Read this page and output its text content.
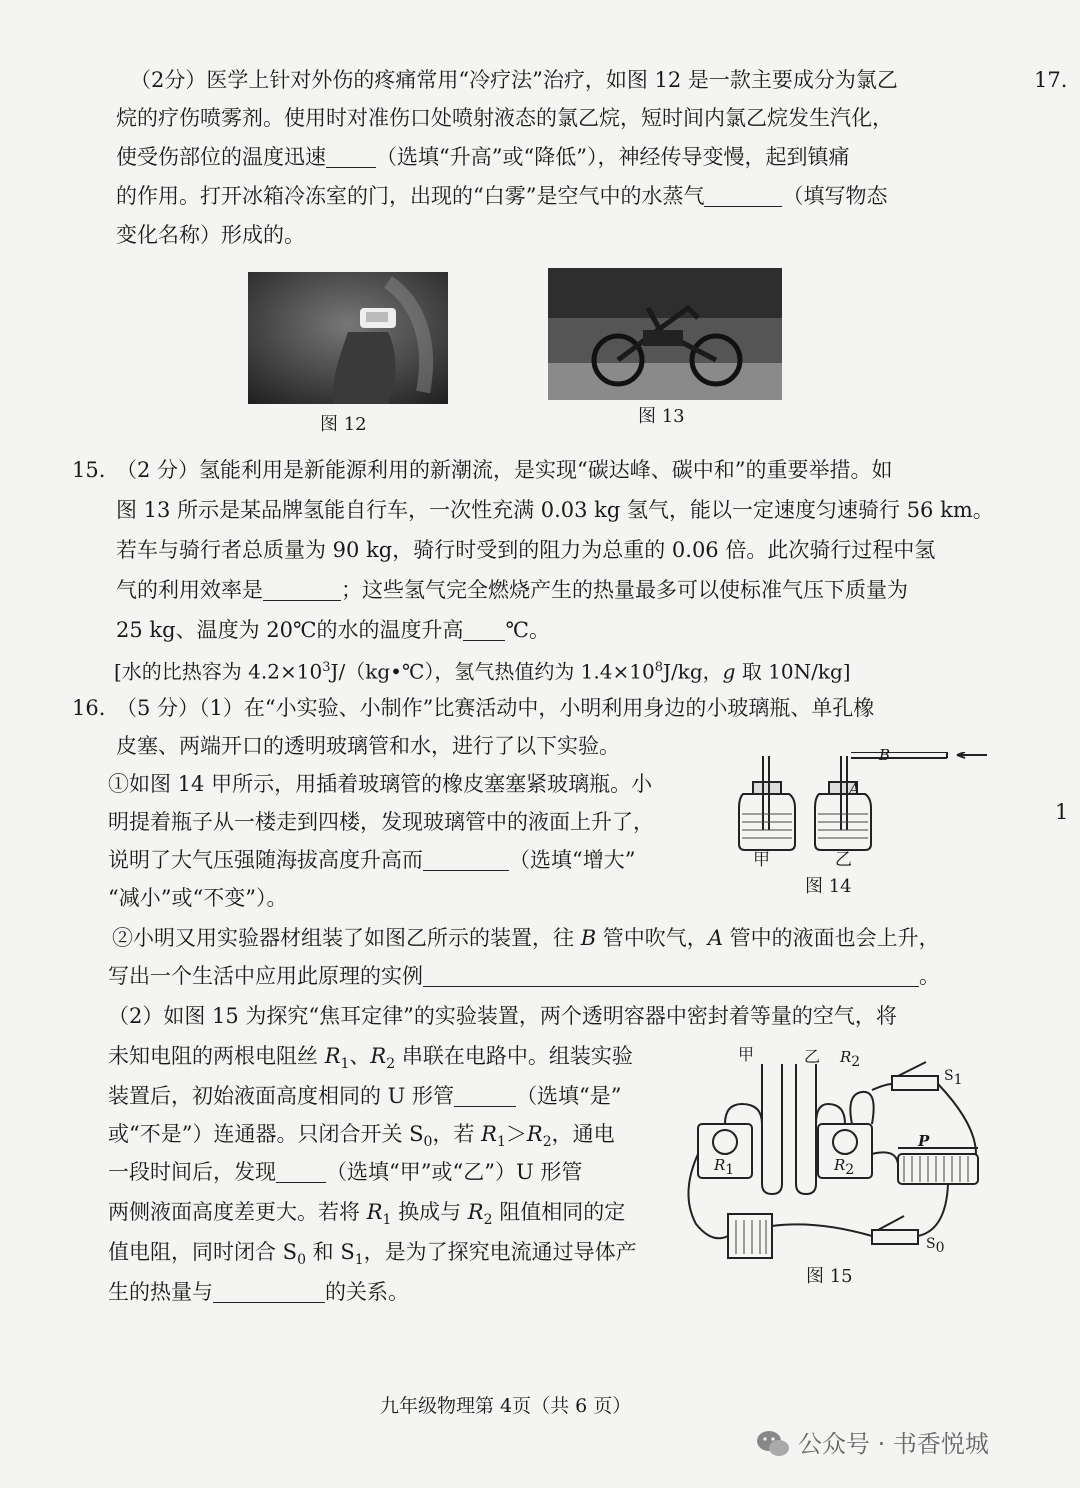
（2分）医学上针对外伤的疼痛常用“冷疗法”治疗，如图 12 是一款主要成分为氯乙
烷的疗伤喷雾剂。使用时对准伤口处喷射液态的氯乙烷，短时间内氯乙烷发生汽化，
使受伤部位的温度迅速 （选填“升高”或“降低”），神经传导变慢，起到镇痛
的作用。打开冰箱冷冻室的门，出现的“白雾”是空气中的水蒸气	（填写物态
变化名称）形成的。
17.
1
图 12	图 13
15. （2 分）氢能利用是新能源利用的新潮流，是实现“碳达峰、碳中和”的重要举措。如
图 13 所示是某品牌氢能自行车，一次性充满 0.03 kg 氢气，能以一定速度匀速骑行 56 km。
若车与骑行者总质量为 90 kg，骑行时受到的阻力为总重的 0.06 倍。此次骑行过程中氢
气的利用效率是	；这些氢气完全燃烧产生的热量最多可以使标准气压下质量为
25 kg、温度为 20℃的水的温度升高 ℃。
[水的比热容为 $4.2\times 10^3J/(kg•℃)$，氢气热值约为 $1.4\times 10^8J/kg$，g 取 10N/kg]
16. （5 分）（1）在“小实验、小制作”比赛活动中，小明利用身边的小玻璃瓶、单孔橡
皮塞、两端开口的透明玻璃管和水，进行了以下实验。
①如图 14 甲所示，用插着玻璃管的橡皮塞塞紧玻璃瓶。小
明提着瓶子从一楼走到四楼，发现玻璃管中的液面上升了，
说明了大气压强随海拔高度升高而	（选填“增大”
“减小”或“不变”）。
②小明又用实验器材组装了如图乙所示的装置，往 B 管中吹气，A 管中的液面也会上升，
写出一个生活中应用此原理的实例	。
（2）如图 15 为探究“焦耳定律”的实验装置，两个透明容器中密封着等量的空气，将
未知电阻的两根电阻丝 $R_1$、$R_2$ 串联在电路中。组装实验
装置后，初始液面高度相同的 U 形管	（选填“是”
或“不是”）连通器。只闭合开关 $S_0$，若 $R_1>R_2$，通电
一段时间后，发现 （选填“甲”或“乙”）U 形管
两侧液面高度差更大。若将 $R_1$ 换成与 $R_2$ 阻值相同的定
值电阻，同时闭合 $S_0$ 和 $S_1$，是为了探究电流通过导体产
生的热量与	的关系。
甲	乙
A
B
图 14
甲	乙
$R_1$	$R_2$
$R_2$
$S_1$
$S_0$
P
图 15
九年级物理第 4页（共 6 页）
公众号 · 书香悦城
